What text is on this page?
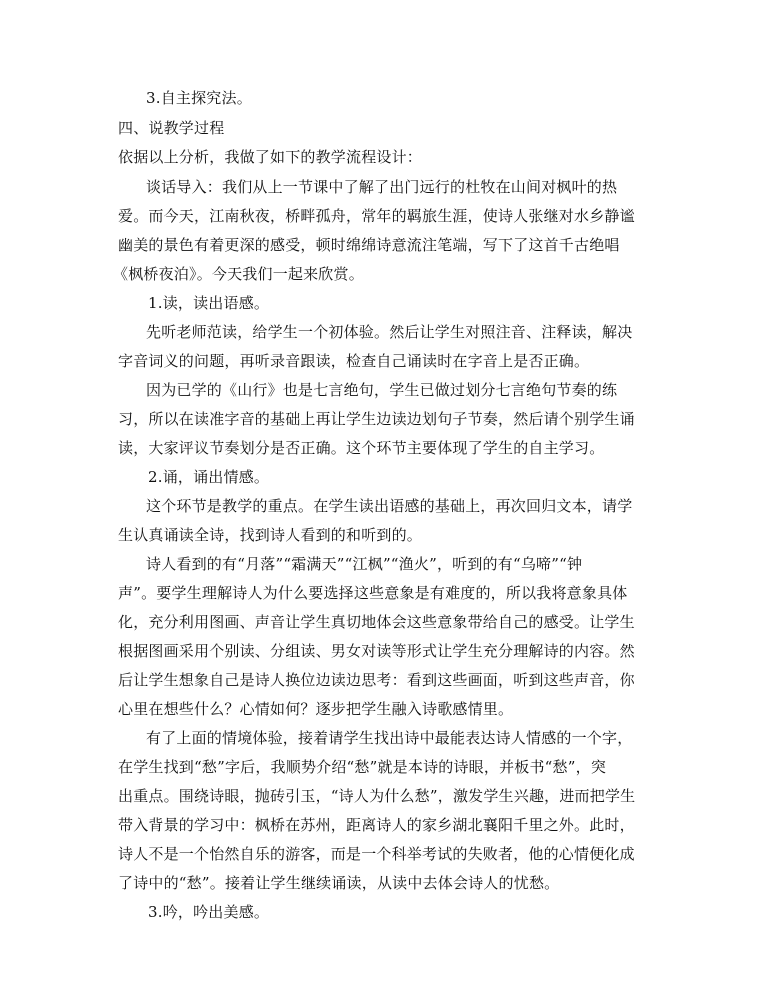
3.自主探究法。
四、说教学过程
依据以上分析，我做了如下的教学流程设计：
谈话导入：我们从上一节课中了解了出门远行的杜牧在山间对枫叶的热
爱。而今天，江南秋夜，桥畔孤舟，常年的羁旅生涯，使诗人张继对水乡静谧
幽美的景色有着更深的感受，顿时绵绵诗意流注笔端，写下了这首千古绝唱
《枫桥夜泊》。今天我们一起来欣赏。
1.读，读出语感。
先听老师范读，给学生一个初体验。然后让学生对照注音、注释读，解决
字音词义的问题，再听录音跟读，检查自己诵读时在字音上是否正确。
因为已学的《山行》也是七言绝句，学生已做过划分七言绝句节奏的练
习，所以在读准字音的基础上再让学生边读边划句子节奏，然后请个别学生诵
读，大家评议节奏划分是否正确。这个环节主要体现了学生的自主学习。
2.诵，诵出情感。
这个环节是教学的重点。在学生读出语感的基础上，再次回归文本，请学
生认真诵读全诗，找到诗人看到的和听到的。
诗人看到的有“月落”“霜满天”“江枫”“渔火”，听到的有“乌啼”“钟
声”。要学生理解诗人为什么要选择这些意象是有难度的，所以我将意象具体
化，充分利用图画、声音让学生真切地体会这些意象带给自己的感受。让学生
根据图画采用个别读、分组读、男女对读等形式让学生充分理解诗的内容。然
后让学生想象自己是诗人换位边读边思考：看到这些画面，听到这些声音，你
心里在想些什么？心情如何？逐步把学生融入诗歌感情里。
有了上面的情境体验，接着请学生找出诗中最能表达诗人情感的一个字，
在学生找到“愁”字后，我顺势介绍“愁”就是本诗的诗眼，并板书“愁”，突
出重点。围绕诗眼，抛砖引玉，“诗人为什么愁”，激发学生兴趣，进而把学生
带入背景的学习中：枫桥在苏州，距离诗人的家乡湖北襄阳千里之外。此时，
诗人不是一个怡然自乐的游客，而是一个科举考试的失败者，他的心情便化成
了诗中的“愁”。接着让学生继续诵读，从读中去体会诗人的忧愁。
3.吟，吟出美感。
